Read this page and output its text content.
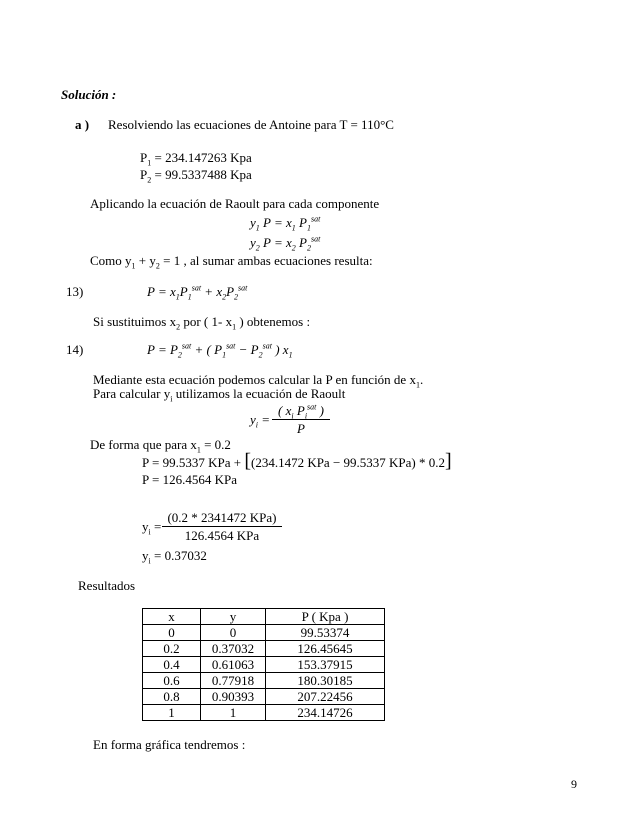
Solución :
a ) Resolviendo las ecuaciones de Antoine para T = 110°C
$P_1 = 234.147263$ Kpa
$P_2 = 99.5337488$ Kpa
Aplicando la ecuación de Raoult para cada componente
$y_1$ $P = x_1$ $P_1^{sat}$
$y_2$ $P = x_2$ $P_2^{sat}$
Como $y_1 + y_2 = 1$ , al sumar ambas ecuaciones resulta:
13)	$P = x_1P_1^{sat} + x_2P_2^{sat}$
Si sustituimos $x_2$ por ( 1- $x_1$ ) obtenemos :
14)	$P = P_2^{sat}$ + ( $P_1^{sat} - P_2^{sat}$ ) $x_1$
Mediante esta ecuación podemos calcular la P en función de $x_1$.
Para calcular $y_i$ utilizamos la ecuación de Raoult
$y_i$ =
( $x_i$ $P_i^{sat}$ )
P
De forma que para $x_1 = 0.2$
P = 99.5337 KPa + [(234.1472 KPa − 99.5337 KPa) * 0.2]
P = 126.4564 KPa
$y_i$ =
(0.2 * 2341472 KPa)
126.4564 KPa
$y_i = 0.37032$
Resultados
x	y	P ( Kpa )
0	0	99.53374
0.2	0.37032	126.45645
0.4	0.61063	153.37915
0.6	0.77918	180.30185
0.8	0.90393	207.22456
1	1	234.14726
En forma gráfica tendremos :
9
